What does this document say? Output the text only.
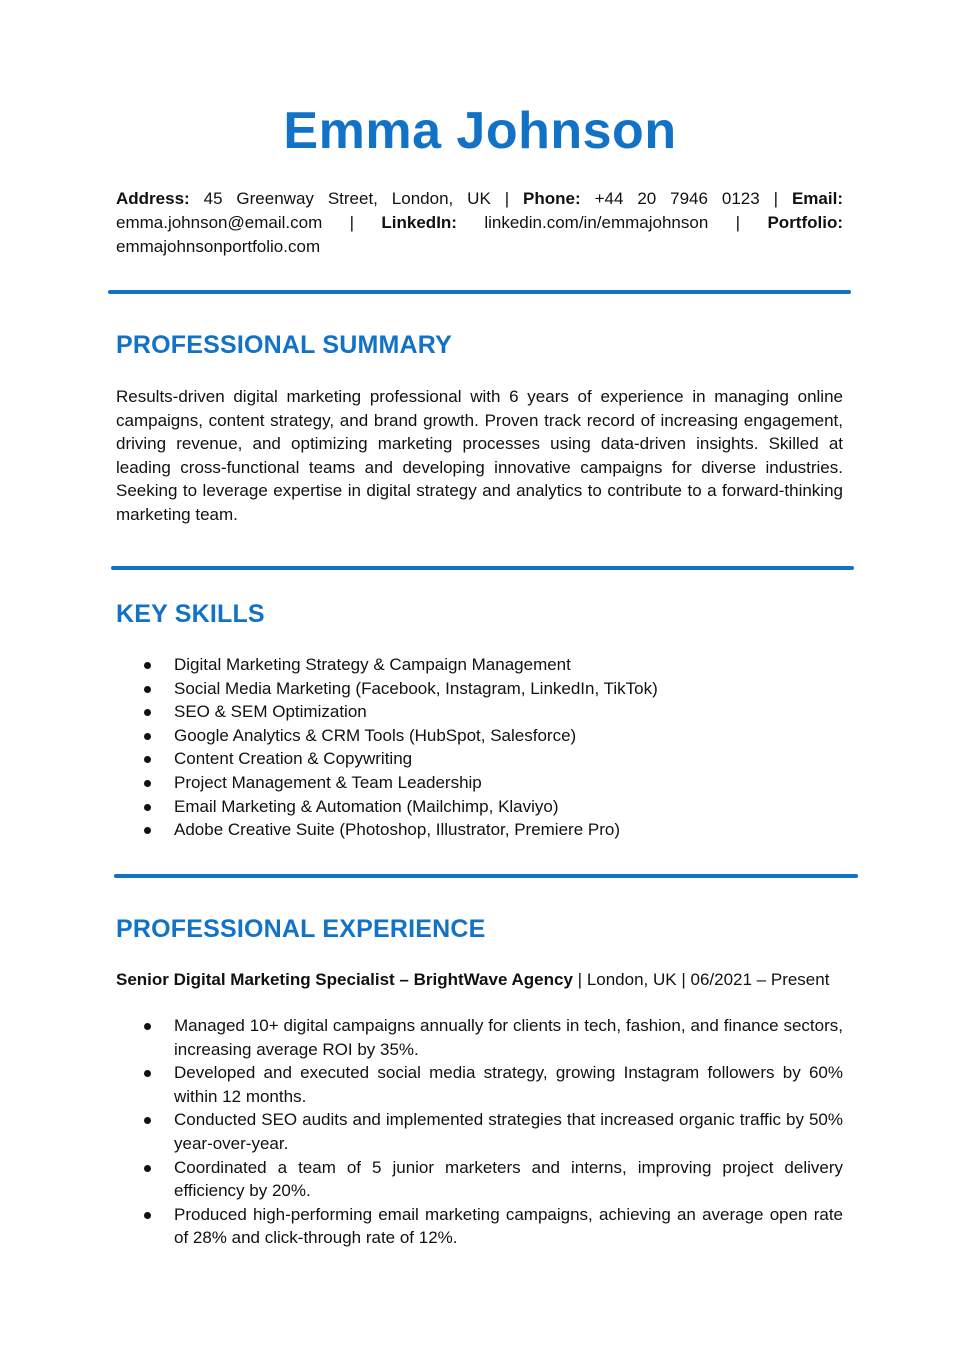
Emma Johnson
Address: 45 Greenway Street, London, UK | Phone: +44 20 7946 0123 | Email: emma.johnson@email.com | LinkedIn: linkedin.com/in/emmajohnson | Portfolio: emmajohnsonportfolio.com
PROFESSIONAL SUMMARY

Results-driven digital marketing professional with 6 years of experience in managing online campaigns, content strategy, and brand growth. Proven track record of increasing engagement, driving revenue, and optimizing marketing processes using data-driven insights. Skilled at leading cross-functional teams and developing innovative campaigns for diverse industries. Seeking to leverage expertise in digital strategy and analytics to contribute to a forward-thinking marketing team.

KEY SKILLS
Digital Marketing Strategy & Campaign Management
Social Media Marketing (Facebook, Instagram, LinkedIn, TikTok)
SEO & SEM Optimization
Google Analytics & CRM Tools (HubSpot, Salesforce)
Content Creation & Copywriting
Project Management & Team Leadership
Email Marketing & Automation (Mailchimp, Klaviyo)
Adobe Creative Suite (Photoshop, Illustrator, Premiere Pro)
PROFESSIONAL EXPERIENCE
Senior Digital Marketing Specialist – BrightWave Agency | London, UK | 06/2021 – Present
Managed 10+ digital campaigns annually for clients in tech, fashion, and finance sectors, increasing average ROI by 35%.
Developed and executed social media strategy, growing Instagram followers by 60% within 12 months.
Conducted SEO audits and implemented strategies that increased organic traffic by 50% year-over-year.
Coordinated a team of 5 junior marketers and interns, improving project delivery efficiency by 20%.
Produced high-performing email marketing campaigns, achieving an average open rate of 28% and click-through rate of 12%.
